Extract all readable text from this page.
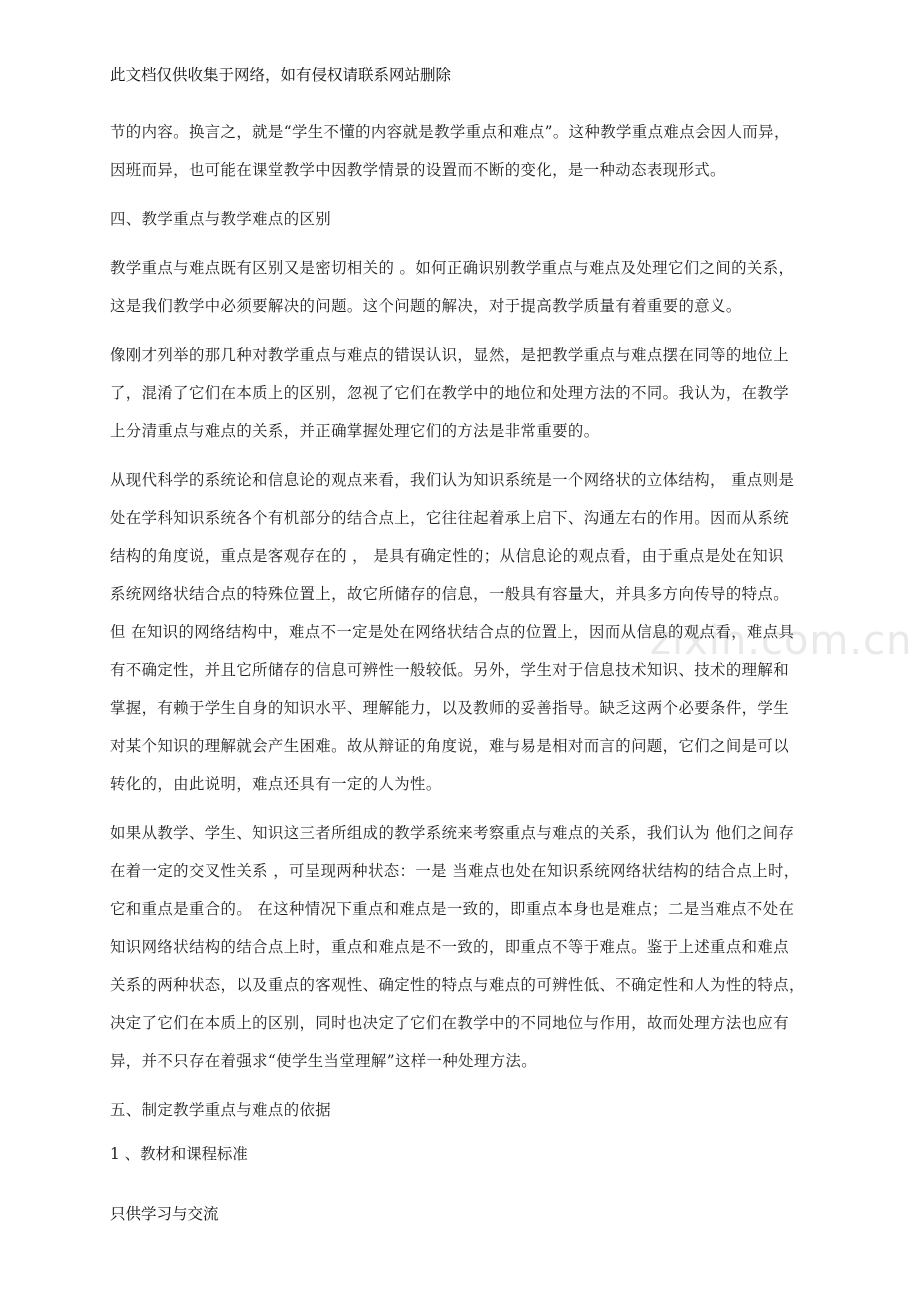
此文档仅供收集于网络，如有侵权请联系网站删除
zixin.com.cn
节的内容。换言之，就是“学生不懂的内容就是教学重点和难点”。这种教学重点难点会因人而异，
因班而异，也可能在课堂教学中因教学情景的设置而不断的变化，是一种动态表现形式。
四、教学重点与教学难点的区别
教学重点与难点既有区别又是密切相关的 。如何正确识别教学重点与难点及处理它们之间的关系，
这是我们教学中必须要解决的问题。这个问题的解决，对于提高教学质量有着重要的意义。
像刚才列举的那几种对教学重点与难点的错误认识，显然，是把教学重点与难点摆在同等的地位上
了，混淆了它们在本质上的区别，忽视了它们在教学中的地位和处理方法的不同。我认为，在教学
上分清重点与难点的关系，并正确掌握处理它们的方法是非常重要的。
从现代科学的系统论和信息论的观点来看，我们认为知识系统是一个网络状的立体结构， 重点则是
处在学科知识系统各个有机部分的结合点上，它往往起着承上启下、沟通左右的作用。因而从系统
结构的角度说，重点是客观存在的 ， 是具有确定性的；从信息论的观点看，由于重点是处在知识
系统网络状结合点的特殊位置上，故它所储存的信息，一般具有容量大，并具多方向传导的特点。
但 在知识的网络结构中，难点不一定是处在网络状结合点的位置上，因而从信息的观点看，难点具
有不确定性，并且它所储存的信息可辨性一般较低。另外，学生对于信息技术知识、技术的理解和
掌握，有赖于学生自身的知识水平、理解能力，以及教师的妥善指导。缺乏这两个必要条件，学生
对某个知识的理解就会产生困难。故从辩证的角度说，难与易是相对而言的问题，它们之间是可以
转化的，由此说明，难点还具有一定的人为性。
如果从教学、学生、知识这三者所组成的教学系统来考察重点与难点的关系，我们认为 他们之间存
在着一定的交叉性关系 ，可呈现两种状态：一是 当难点也处在知识系统网络状结构的结合点上时，
它和重点是重合的。 在这种情况下重点和难点是一致的，即重点本身也是难点；二是当难点不处在
知识网络状结构的结合点上时，重点和难点是不一致的，即重点不等于难点。鉴于上述重点和难点
关系的两种状态，以及重点的客观性、确定性的特点与难点的可辨性低、不确定性和人为性的特点，
决定了它们在本质上的区别，同时也决定了它们在教学中的不同地位与作用，故而处理方法也应有
异，并不只存在着强求“使学生当堂理解”这样一种处理方法。
五、制定教学重点与难点的依据
1 、教材和课程标准
只供学习与交流
